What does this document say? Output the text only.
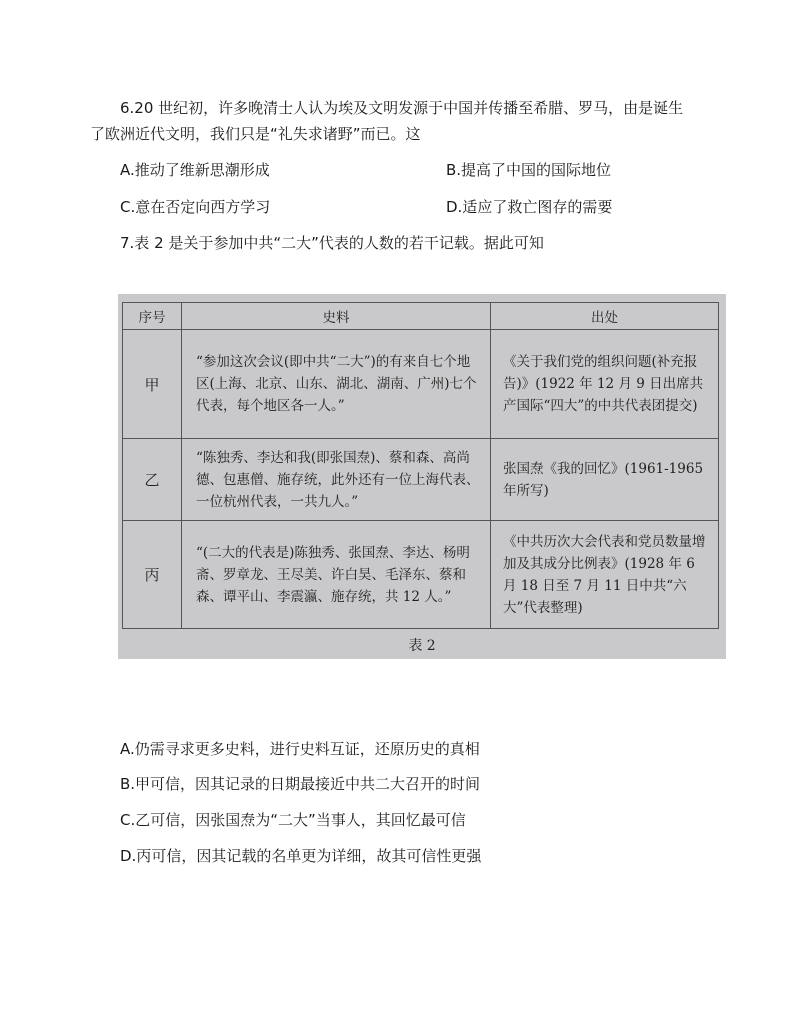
6.20 世纪初，许多晚清士人认为埃及文明发源于中国并传播至希腊、罗马，由是诞生
了欧洲近代文明，我们只是“礼失求诸野”而已。这
A.推动了维新思潮形成	B.提高了中国的国际地位
C.意在否定向西方学习	D.适应了救亡图存的需要
7.表 2 是关于参加中共“二大”代表的人数的若干记载。据此可知
序号	史料	出处
甲	“参加这次会议(即中共“二大”)的有来自七个地区(上海、北京、山东、湖北、湖南、广州)七个代表，每个地区各一人。”	《关于我们党的组织问题(补充报告)》(1922 年 12 月 9 日出席共产国际“四大”的中共代表团提交)
乙	“陈独秀、李达和我(即张国焘)、蔡和森、高尚德、包惠僧、施存统，此外还有一位上海代表、一位杭州代表，一共九人。”	张国焘《我的回忆》(1961-1965 年所写)
丙	“(二大的代表是)陈独秀、张国焘、李达、杨明斋、罗章龙、王尽美、许白昊、毛泽东、蔡和森、谭平山、李震瀛、施存统，共 12 人。”	《中共历次大会代表和党员数量增加及其成分比例表》(1928 年 6 月 18 日至 7 月 11 日中共“六大”代表整理)
表 2
A.仍需寻求更多史料，进行史料互证，还原历史的真相
B.甲可信，因其记录的日期最接近中共二大召开的时间
C.乙可信，因张国焘为“二大”当事人，其回忆最可信
D.丙可信，因其记载的名单更为详细，故其可信性更强
